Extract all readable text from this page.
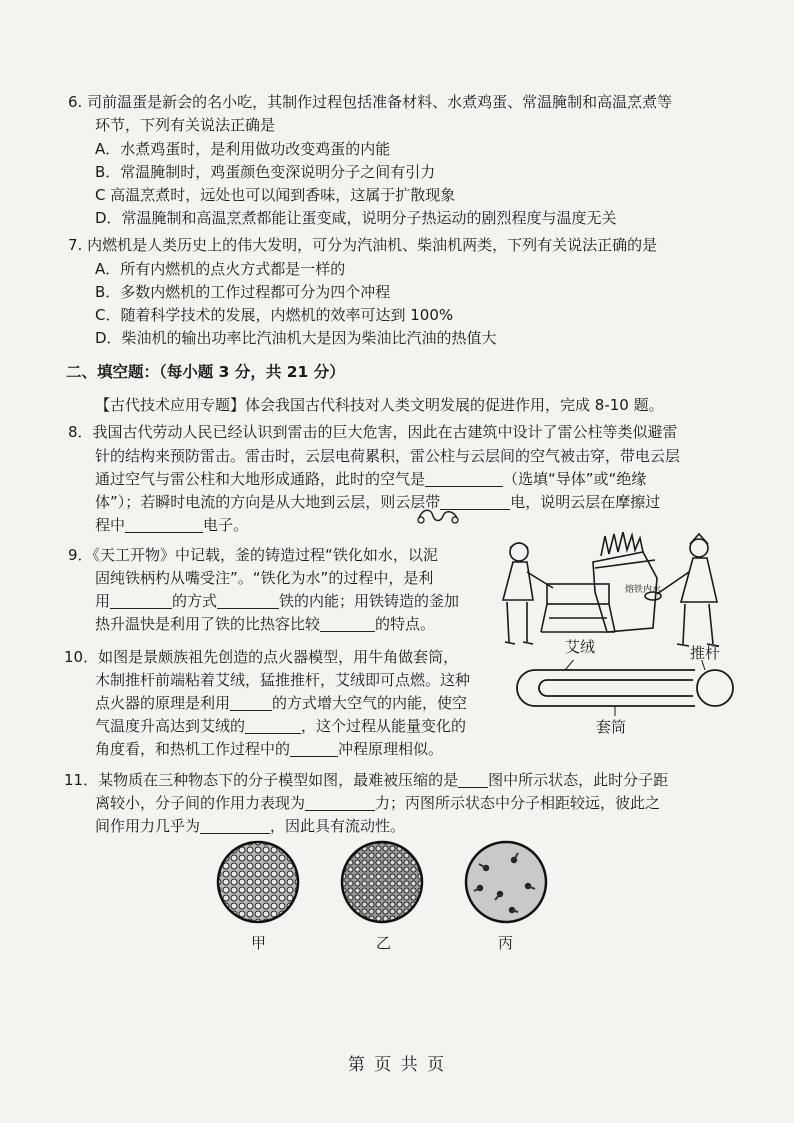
6. 司前温蛋是新会的名小吃，其制作过程包括准备材料、水煮鸡蛋、常温腌制和高温烹煮等
环节，下列有关说法正确是
A．水煮鸡蛋时，是利用做功改变鸡蛋的内能
B．常温腌制时，鸡蛋颜色变深说明分子之间有引力
C 高温烹煮时，远处也可以闻到香味，这属于扩散现象
D．常温腌制和高温烹煮都能让蛋变咸，说明分子热运动的剧烈程度与温度无关
7. 内燃机是人类历史上的伟大发明，可分为汽油机、柴油机两类，下列有关说法正确的是
A．所有内燃机的点火方式都是一样的
B．多数内燃机的工作过程都可分为四个冲程
C．随着科学技术的发展，内燃机的效率可达到 100%
D．柴油机的输出功率比汽油机大是因为柴油比汽油的热值大
二、填空题：（每小题 3 分，共 21 分）
【古代技术应用专题】体会我国古代科技对人类文明发展的促进作用，完成 8-10 题。
8．我国古代劳动人民已经认识到雷击的巨大危害，因此在古建筑中设计了雷公柱等类似避雷
针的结构来预防雷击。雷击时，云层电荷累积，雷公柱与云层间的空气被击穿，带电云层
通过空气与雷公柱和大地形成通路，此时的空气是	（选填“导体”或“绝缘
体”）；若瞬时电流的方向是从大地到云层，则云层带	电，说明云层在摩擦过
程中	电子。
9．《天工开物》中记载，釜的铸造过程“铁化如水，以泥
固纯铁柄杓从嘴受注”。“铁化为水”的过程中，是利
用	的方式	铁的内能；用铁铸造的釜加
热升温快是利用了铁的比热容比较	的特点。
熔铁内水
10．如图是景颇族祖先创造的点火器模型，用牛角做套筒，
木制推杆前端粘着艾绒，猛推推杆，艾绒即可点燃。这种
点火器的原理是利用	的方式增大空气的内能，使空
气温度升高达到艾绒的	，这个过程从能量变化的
角度看，和热机工作过程中的	冲程原理相似。
艾绒	推杆
套筒
11．某物质在三种物态下的分子模型如图，最难被压缩的是 图中所示状态，此时分子距
离较小，分子间的作用力表现为	力；丙图所示状态中分子相距较远，彼此之
间作用力几乎为	，因此具有流动性。
甲	乙	丙
第 页 共 页
